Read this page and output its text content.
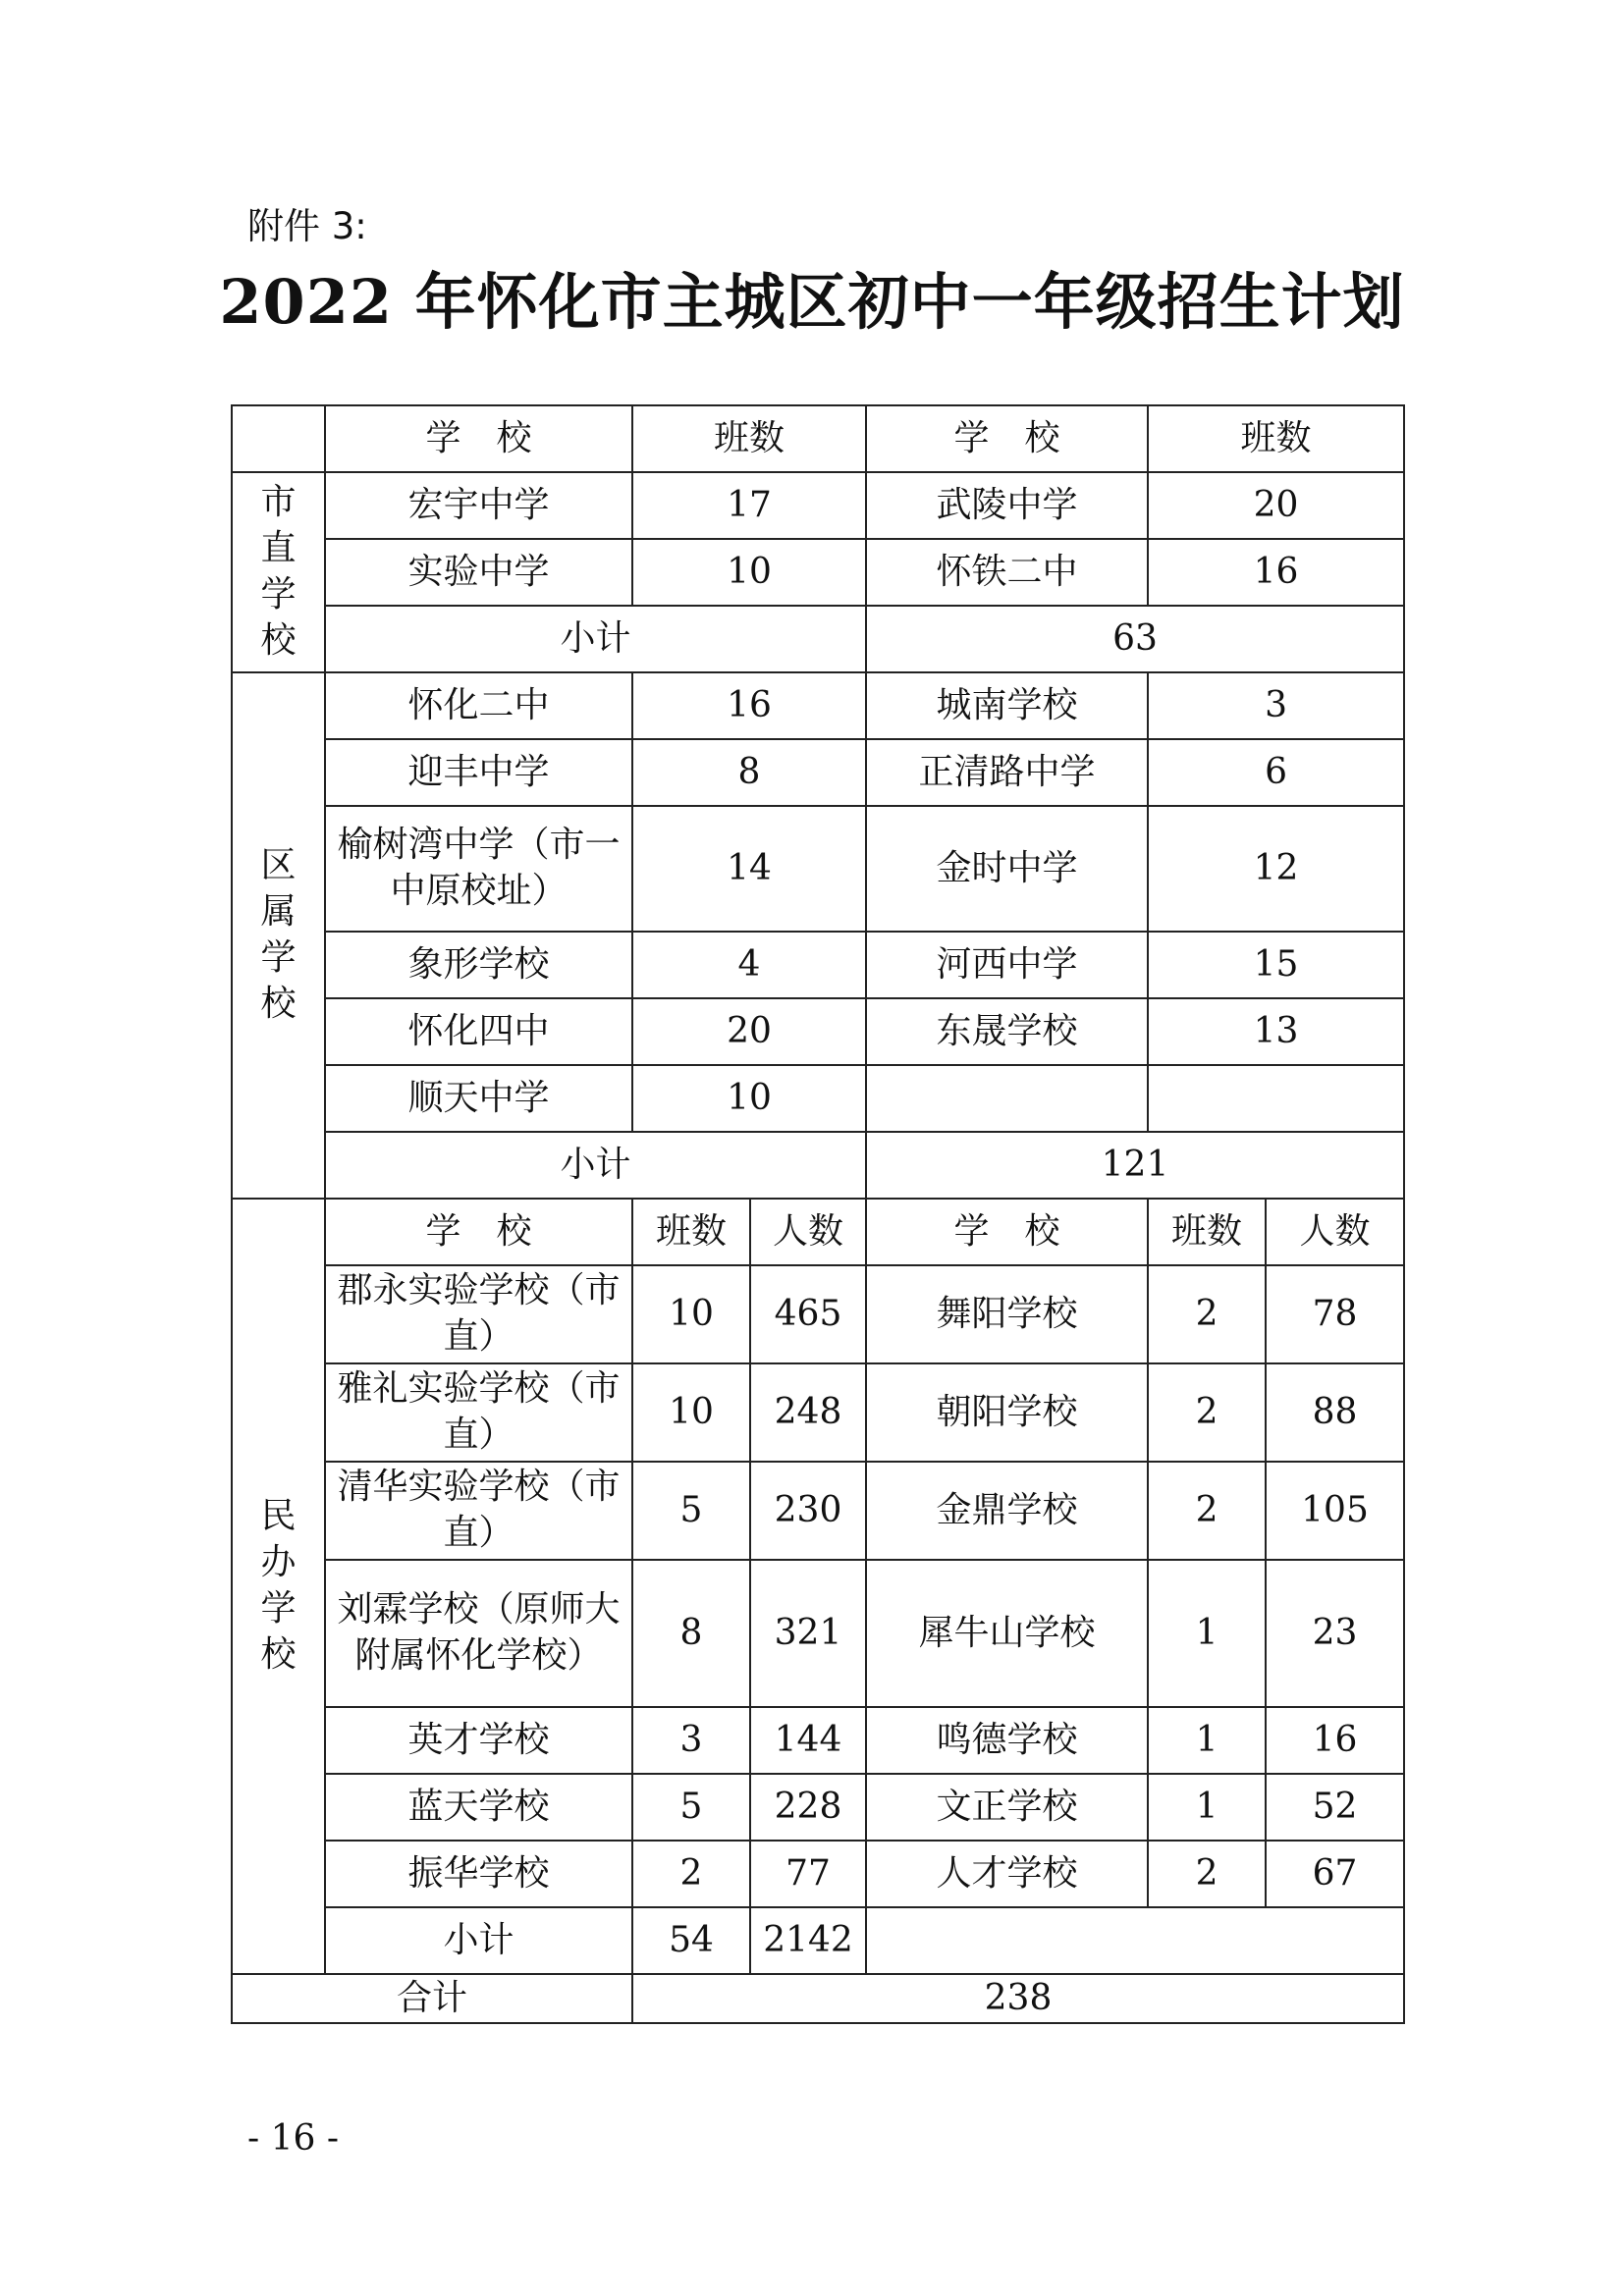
附件 3:
2022 年怀化市主城区初中一年级招生计划
	学　校	班数		学　校	班数	

市
直
学
校	宏宇中学	17		武陵中学	20	
	实验中学	10		怀铁二中	16	
	小计			63		

区
属
学
校	怀化二中	16		城南学校	3	
	迎丰中学	8		正清路中学	6	
	榆树湾中学（市一中原校址）	14		金时中学	12	
	象形学校	4		河西中学	15	
	怀化四中	20		东晟学校	13	
	顺天中学	10				
	小计			121		

民
办
学
校	学　校	班数	人数	学　校	班数	人数
	郡永实验学校（市直）	10	465	舞阳学校	2	78
	雅礼实验学校（市直）	10	248	朝阳学校	2	88
	清华实验学校（市直）	5	230	金鼎学校	2	105
	刘霖学校（原师大附属怀化学校）	8	321	犀牛山学校	1	23
	英才学校	3	144	鸣德学校	1	16
	蓝天学校	5	228	文正学校	1	52
	振华学校	2	77	人才学校	2	67
	小计	54	2142			
合计		238				
- 16 -
